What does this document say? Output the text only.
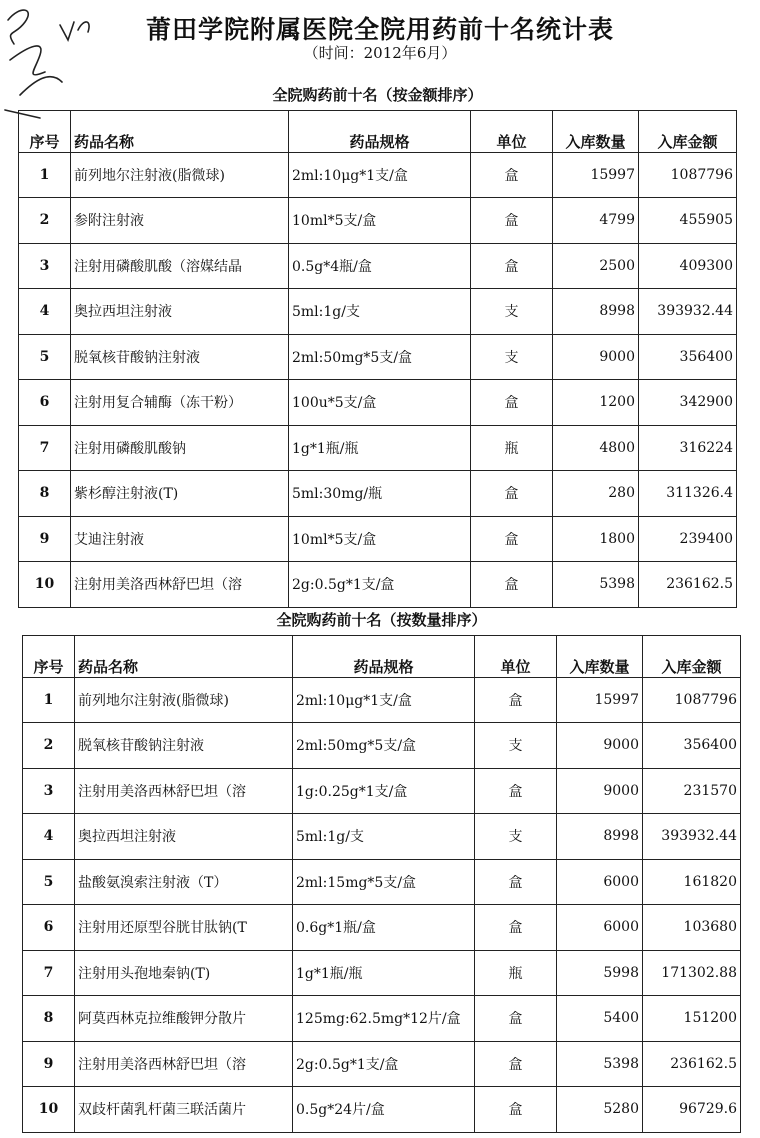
莆田学院附属医院全院用药前十名统计表
（时间：2012年6月）
全院购药前十名（按金额排序）					
序号	药品名称	药品规格	单位	入库数量	入库金额
1	前列地尔注射液(脂微球)	2ml:10μg*1支/盒	盒	15997	1087796
2	参附注射液	10ml*5支/盒	盒	4799	455905
3	注射用磷酸肌酸（溶媒结晶	0.5g*4瓶/盒	盒	2500	409300
4	奥拉西坦注射液	5ml:1g/支	支	8998	393932.44
5	脱氧核苷酸钠注射液	2ml:50mg*5支/盒	支	9000	356400
6	注射用复合辅酶（冻干粉）	100u*5支/盒	盒	1200	342900
7	注射用磷酸肌酸钠	1g*1瓶/瓶	瓶	4800	316224
8	紫杉醇注射液(T)	5ml:30mg/瓶	盒	280	311326.4
9	艾迪注射液	10ml*5支/盒	盒	1800	239400
10	注射用美洛西林舒巴坦（溶	2g:0.5g*1支/盒	盒	5398	236162.5
全院购药前十名（按数量排序）					
序号	药品名称	药品规格	单位	入库数量	入库金额
1	前列地尔注射液(脂微球)	2ml:10μg*1支/盒	盒	15997	1087796
2	脱氧核苷酸钠注射液	2ml:50mg*5支/盒	支	9000	356400
3	注射用美洛西林舒巴坦（溶	1g:0.25g*1支/盒	盒	9000	231570
4	奥拉西坦注射液	5ml:1g/支	支	8998	393932.44
5	盐酸氨溴索注射液（T）	2ml:15mg*5支/盒	盒	6000	161820
6	注射用还原型谷胱甘肽钠(T	0.6g*1瓶/盒	盒	6000	103680
7	注射用头孢地秦钠(T)	1g*1瓶/瓶	瓶	5998	171302.88
8	阿莫西林克拉维酸钾分散片	125mg:62.5mg*12片/盒	盒	5400	151200
9	注射用美洛西林舒巴坦（溶	2g:0.5g*1支/盒	盒	5398	236162.5
10	双歧杆菌乳杆菌三联活菌片	0.5g*24片/盒	盒	5280	96729.6
